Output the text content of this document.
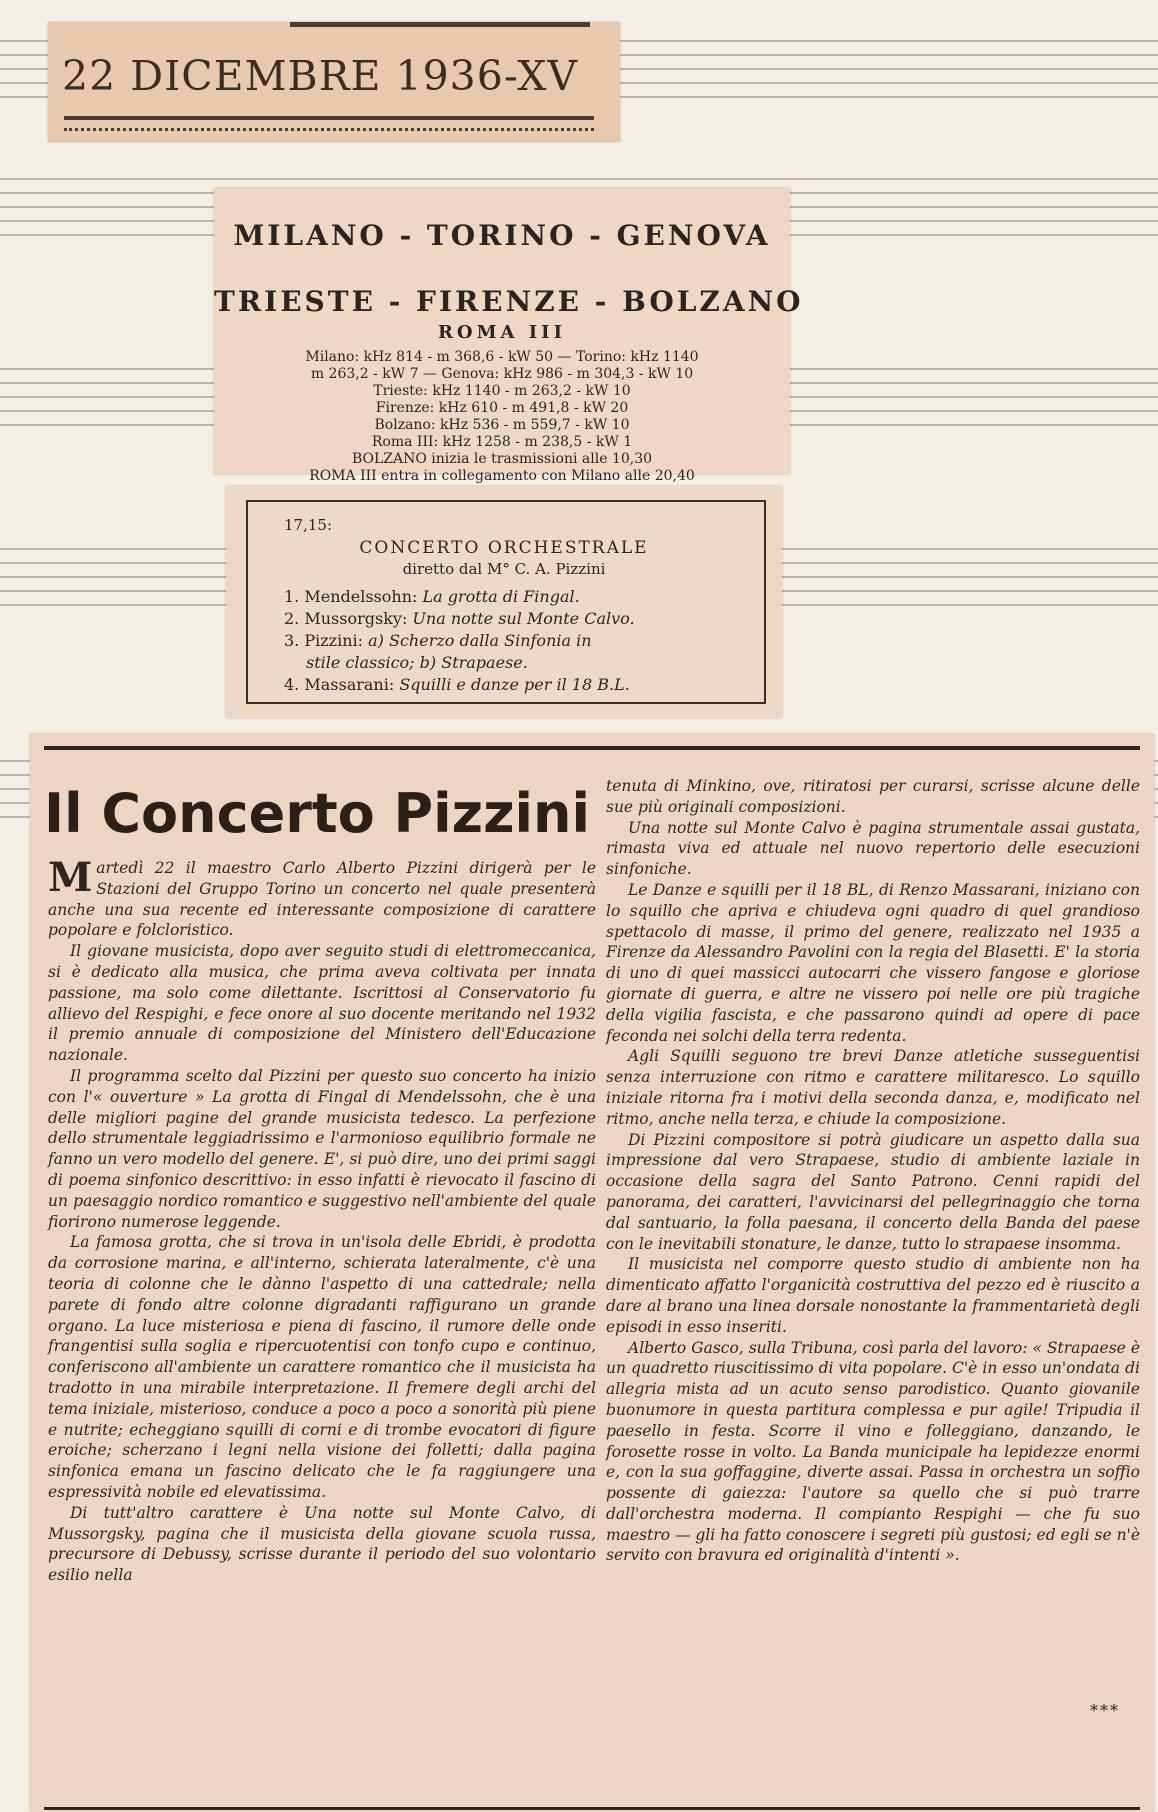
22 DICEMBRE 1936-XV
MILANO - TORINO - GENOVA
TRIESTE - FIRENZE - BOLZANO
ROMA III
Milano: kHz 814 - m 368,6 - kW 50 — Torino: kHz 1140
m 263,2 - kW 7 — Genova: kHz 986 - m 304,3 - kW 10
Trieste: kHz 1140 - m 263,2 - kW 10
Firenze: kHz 610 - m 491,8 - kW 20
Bolzano: kHz 536 - m 559,7 - kW 10
Roma III: kHz 1258 - m 238,5 - kW 1
BOLZANO inizia le trasmissioni alle 10,30
ROMA III entra in collegamento con Milano alle 20,40
17,15:
CONCERTO ORCHESTRALE
diretto dal M° C. A. Pizzini
1. Mendelssohn: La grotta di Fingal.
2. Mussorgsky: Una notte sul Monte Calvo.
3. Pizzini: a) Scherzo dalla Sinfonia in
stile classico; b) Strapaese.
4. Massarani: Squilli e danze per il 18 B.L.
Il Concerto Pizzini

Martedì 22 il maestro Carlo Alberto Pizzini dirigerà per le Stazioni del Gruppo Torino un concerto nel quale presenterà anche una sua recente ed interessante composizione di carattere popolare e folcloristico.

Il giovane musicista, dopo aver seguito studi di elettromeccanica, si è dedicato alla musica, che prima aveva coltivata per innata passione, ma solo come dilettante. Iscrittosi al Conservatorio fu allievo del Respighi, e fece onore al suo docente meritando nel 1932 il premio annuale di composizione del Ministero dell'Educazione nazionale.

Il programma scelto dal Pizzini per questo suo concerto ha inizio con l'« ouverture » La grotta di Fingal di Mendelssohn, che è una delle migliori pagine del grande musicista tedesco. La perfezione dello strumentale leggiadrissimo e l'armonioso equilibrio formale ne fanno un vero modello del genere. E', si può dire, uno dei primi saggi di poema sinfonico descrittivo: in esso infatti è rievocato il fascino di un paesaggio nordico romantico e suggestivo nell'ambiente del quale fiorirono numerose leggende.

La famosa grotta, che si trova in un'isola delle Ebridi, è prodotta da corrosione marina, e all'interno, schierata lateralmente, c'è una teoria di colonne che le dànno l'aspetto di una cattedrale; nella parete di fondo altre colonne digradanti raffigurano un grande organo. La luce misteriosa e piena di fascino, il rumore delle onde frangentisi sulla soglia e ripercuotentisi con tonfo cupo e continuo, conferiscono all'ambiente un carattere romantico che il musicista ha tradotto in una mirabile interpretazione. Il fremere degli archi del tema iniziale, misterioso, conduce a poco a poco a sonorità più piene e nutrite; echeggiano squilli di corni e di trombe evocatori di figure eroiche; scherzano i legni nella visione dei folletti; dalla pagina sinfonica emana un fascino delicato che le fa raggiungere una espressività nobile ed elevatissima.

Di tutt'altro carattere è Una notte sul Monte Calvo, di Mussorgsky, pagina che il musicista della giovane scuola russa, precursore di Debussy, scrisse durante il periodo del suo volontario esilio nella

tenuta di Minkino, ove, ritiratosi per curarsi, scrisse alcune delle sue più originali composizioni.

Una notte sul Monte Calvo è pagina strumentale assai gustata, rimasta viva ed attuale nel nuovo repertorio delle esecuzioni sinfoniche.

Le Danze e squilli per il 18 BL, di Renzo Massarani, iniziano con lo squillo che apriva e chiudeva ogni quadro di quel grandioso spettacolo di masse, il primo del genere, realizzato nel 1935 a Firenze da Alessandro Pavolini con la regia del Blasetti. E' la storia di uno di quei massicci autocarri che vissero fangose e gloriose giornate di guerra, e altre ne vissero poi nelle ore più tragiche della vigilia fascista, e che passarono quindi ad opere di pace feconda nei solchi della terra redenta.

Agli Squilli seguono tre brevi Danze atletiche susseguentisi senza interruzione con ritmo e carattere militaresco. Lo squillo iniziale ritorna fra i motivi della seconda danza, e, modificato nel ritmo, anche nella terza, e chiude la composizione.

Di Pizzini compositore si potrà giudicare un aspetto dalla sua impressione dal vero Strapaese, studio di ambiente laziale in occasione della sagra del Santo Patrono. Cenni rapidi del panorama, dei caratteri, l'avvicinarsi del pellegrinaggio che torna dal santuario, la folla paesana, il concerto della Banda del paese con le inevitabili stonature, le danze, tutto lo strapaese insomma.

Il musicista nel comporre questo studio di ambiente non ha dimenticato affatto l'organicità costruttiva del pezzo ed è riuscito a dare al brano una linea dorsale nonostante la frammentarietà degli episodi in esso inseriti.

Alberto Gasco, sulla Tribuna, così parla del lavoro: « Strapaese è un quadretto riuscitissimo di vita popolare. C'è in esso un'ondata di allegria mista ad un acuto senso parodistico. Quanto giovanile buonumore in questa partitura complessa e pur agile! Tripudia il paesello in festa. Scorre il vino e folleggiano, danzando, le forosette rosse in volto. La Banda municipale ha lepidezze enormi e, con la sua goffaggine, diverte assai. Passa in orchestra un soffio possente di gaiezza: l'autore sa quello che si può trarre dall'orchestra moderna. Il compianto Respighi — che fu suo maestro — gli ha fatto conoscere i segreti più gustosi; ed egli se n'è servito con bravura ed originalità d'intenti ».

***
